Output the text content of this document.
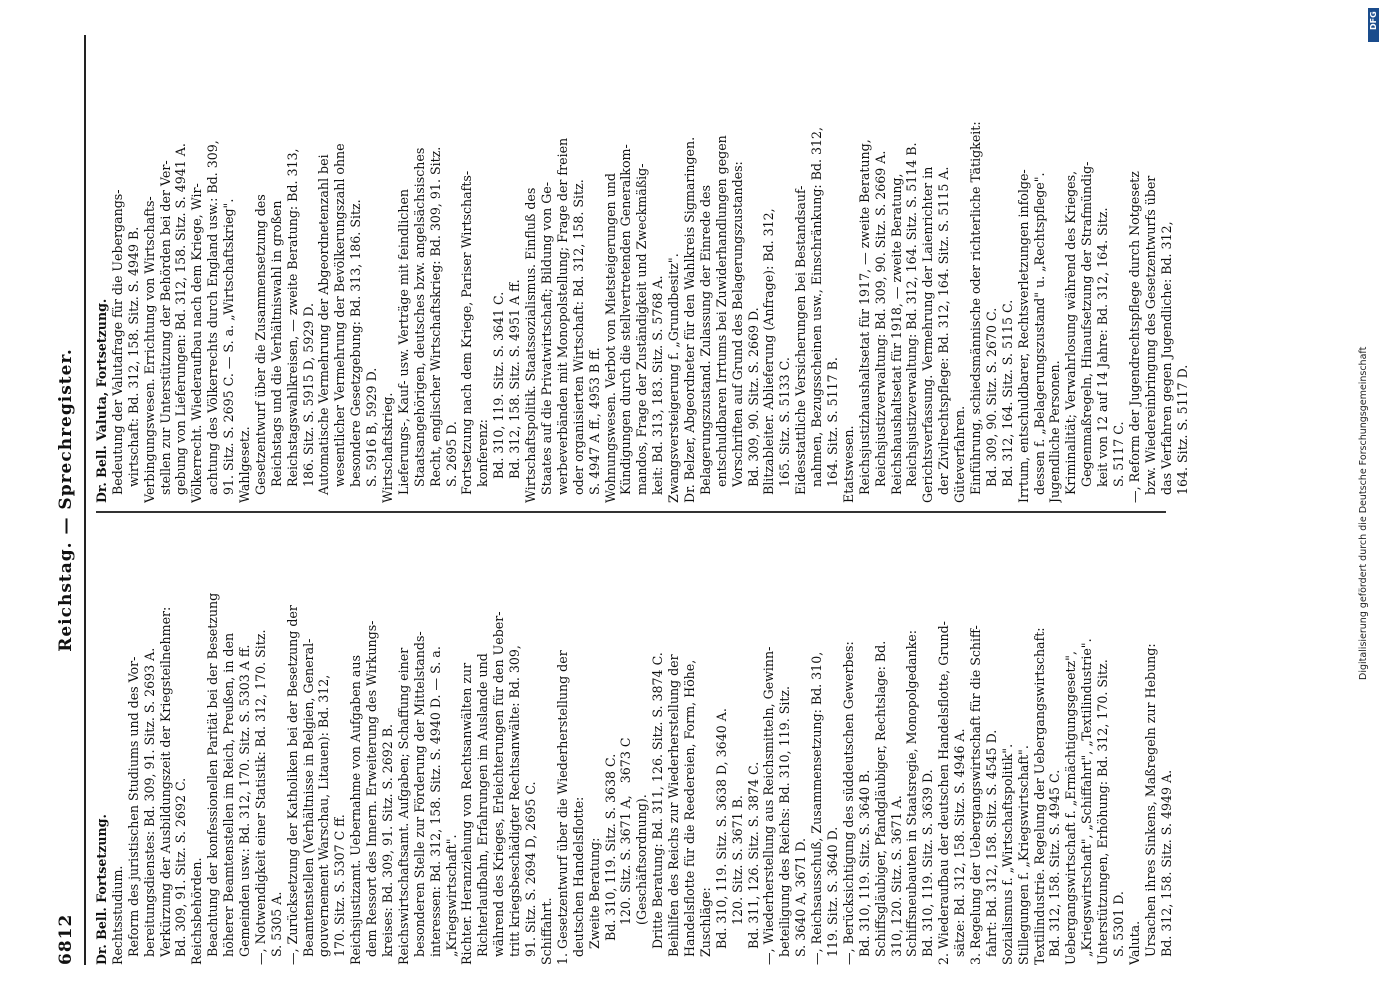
6812
Reichstag. — Sprechregister.
Dr. Bell. Fortsetzung. Rechtsstudium. Reform des juristischen Studiums und des Vor- bereitungsdienstes: Bd. 309, 91. Sitz. S. 2693 A. Verkürzung der Ausbildungszeit der Kriegsteilnehmer: Bd. 309, 91. Sitz. S. 2692 C. Reichsbehörden. Beachtung der konfessionellen Parität bei der Besetzung höherer Beamtenstellen im Reich, Preußen, in den Gemeinden usw.: Bd. 312, 170. Sitz. S. 5303 A ff. —, Notwendigkeit einer Statistik: Bd. 312, 170. Sitz. S. 5305 A. —, Zurücksetzung der Katholiken bei der Besetzung der Beamtenstellen (Verhältnisse in Belgien, General- gouvernement Warschau, Litauen): Bd. 312, 170. Sitz. S. 5307 C ff. Reichsjustizamt. Uebernahme von Aufgaben aus dem Ressort des Innern. Erweiterung des Wirkungs- kreises: Bd. 309, 91. Sitz. S. 2692 B. Reichswirtschaftsamt. Aufgaben; Schaffung einer besonderen Stelle zur Förderung der Mittelstands- interessen: Bd. 312, 158. Sitz. S. 4940 D. — S. a. „Kriegswirtschaft". Richter. Heranziehung von Rechtsanwälten zur Richterlaufbahn, Erfahrungen im Auslande und während des Krieges, Erleichterungen für den Ueber- tritt kriegsbeschädigter Rechtsanwälte: Bd. 309, 91. Sitz. S. 2694 D, 2695 C. Schiffahrt. 1. Gesetzentwurf über die Wiederherstellung der deutschen Handelsflotte: Zweite Beratung: Bd. 310, 119. Sitz. S. 3638 C. 120. Sitz. S. 3671 A,   3673 C (Geschäftsordnung). Dritte Beratung: Bd. 311, 126. Sitz. S. 3874 C. Beihilfen des Reichs zur Wiederherstellung der Handelsflotte für die Reedereien, Form, Höhe, Zuschläge: Bd. 310, 119. Sitz. S. 3638 D, 3640 A. 120. Sitz. S. 3671 B. Bd. 311, 126. Sitz. S. 3874 C. —, Wiederherstellung aus Reichsmitteln, Gewinn- beteiligung des Reichs: Bd. 310, 119. Sitz. S. 3640 A, 3671 D. —, Reichsausschuß, Zusammensetzung: Bd. 310, 119. Sitz. S. 3640 D. —, Berücksichtigung des süddeutschen Gewerbes: Bd. 310, 119. Sitz. S. 3640 B. Schiffsgläubiger, Pfandgläubiger, Rechtslage: Bd. 310, 120. Sitz. S. 3671 A. Schiffsneubauten in Staatsregie, Monopolgedanke: Bd. 310, 119. Sitz. S. 3639 D. 2. Wiederaufbau der deutschen Handelsflotte, Grund- sätze: Bd. 312, 158. Sitz. S. 4946 A. 3. Regelung der Uebergangswirtschaft für die Schiff- fahrt: Bd. 312, 158. Sitz. S. 4545 D. Sozialismus f. „Wirtschaftspolitik". Stillegungen f. „Kriegswirtschaft". Textilindustrie. Regelung der Uebergangswirtschaft: Bd. 312, 158. Sitz. S. 4945 C. Uebergangswirtschaft f. „Ermächtigungsgesetz", „Kriegswirtschaft", „Schiffahrt", „Textilindustrie". Unterstützungen, Erhöhung: Bd. 312, 170. Sitz. S. 5301 D. Valuta. Ursachen ihres Sinkens, Maßregeln zur Hebung: Bd. 312, 158. Sitz. S. 4949 A.
Dr. Bell. Valuta, Fortsetzung. Bedeutung der Valutafrage für die Uebergangs- wirtschaft: Bd. 312, 158. Sitz. S. 4949 B. Verbingungswesen. Errichtung von Wirtschafts- stellen zur Unterstützung der Behörden bei der Ver- gebung von Lieferungen: Bd. 312, 158. Sitz. S. 4941 A. Völkerrecht. Wiederaufbau nach dem Kriege, Wir- achtung des Völkerrechts durch England usw.: Bd. 309, 91. Sitz. S. 2695 C. — S. a. „Wirtschaftskrieg". Wahlgesetz. Gesetzentwurf über die Zusammensetzung des Reichstags und die Verhältniswahl in großen Reichstagswahlkreisen, — zweite Beratung: Bd. 313, 186. Sitz. S. 5915 D, 5929 D. Automatische Vermehrung der Abgeordnetenzahl bei wesentlicher Vermehrung der Bevölkerungszahl ohne besondere Gesetzgebung: Bd. 313, 186. Sitz. S. 5916 B, 5929 D. Wirtschaftskrieg. Lieferungs-, Kauf- usw. Verträge mit feindlichen Staatsangehörigen, deutsches bzw. angelsächsisches Recht, englischer Wirtschaftskrieg: Bd. 309, 91. Sitz. S. 2695 D. Fortsetzung nach dem Kriege, Pariser Wirtschafts- konferenz: Bd. 310, 119. Sitz. S. 3641 C. Bd. 312, 158. Sitz. S. 4951 A ff. Wirtschaftspolitik. Staatssozialismus. Einfluß des Staates auf die Privatwirtschaft; Bildung von Ge- werbeverbänden mit Monopolstellung; Frage der freien oder organisierten Wirtschaft: Bd. 312, 158. Sitz. S. 4947 A ff., 4953 B ff. Wohnungswesen. Verbot von Mietsteigerungen und Kündigungen durch die stellvertretenden Generalkom- mandos, Frage der Zuständigkeit und Zweckmäßig- keit: Bd. 313, 183. Sitz. S. 5768 A. Zwangsversteigerung f. „Grundbesitz". Dr. Belzer, Abgeordneter für den Wahlkreis Sigmaringen. Belagerungszustand. Zulassung der Einrede des entschuldbaren Irrtums bei Zuwiderhandlungen gegen Vorschriften auf Grund des Belagerungszustandes: Bd. 309, 90. Sitz. S. 2669 D. Blitzableiter. Ablieferung (Anfrage): Bd. 312, 165. Sitz. S. 5133 C. Eidesstattliche Versicherungen bei Bestandsauf- nahmen, Bezugsscheinen usw., Einschränkung: Bd. 312, 164. Sitz. S. 5117 B. Etatswesen. Reichsjustizhaushaltsetat für 1917, — zweite Beratung, Reichsjustizverwaltung: Bd. 309, 90. Sitz. S. 2669 A. Reichshaushaltsetat für 1918, — zweite Beratung, Reichsjustizverwaltung: Bd. 312, 164. Sitz. S. 5114 B. Gerichtsverfassung. Vermehrung der Laienrichter in der Zivilrechtspflege: Bd. 312, 164. Sitz. S. 5115 A. Güteverfahren. Einführung, schiedsmännische oder richterliche Tätigkeit: Bd. 309, 90. Sitz. S. 2670 C. Bd. 312, 164. Sitz. S. 5115 C. Irrtum, entschuldbarer, Rechtsverletzungen infolge- dessen f. „Belagerungszustand" u. „Rechtspflege". Jugendliche Personen. Kriminalität; Verwahrlosung während des Krieges, Gegenmaßregeln, Hinaufsetzung der Strafmündig- keit von 12 auf 14 Jahre: Bd. 312, 164. Sitz. S. 5117 C. —, Reform der Jugendrechtspflege durch Notgesetz bzw. Wiedereinbringung des Gesetzentwurfs über das Verfahren gegen Jugendliche: Bd. 312, 164. Sitz. S. 5117 D.	Digitalisierung gefördert durch die Deutsche Forschungsgemeinschaft
DFG
